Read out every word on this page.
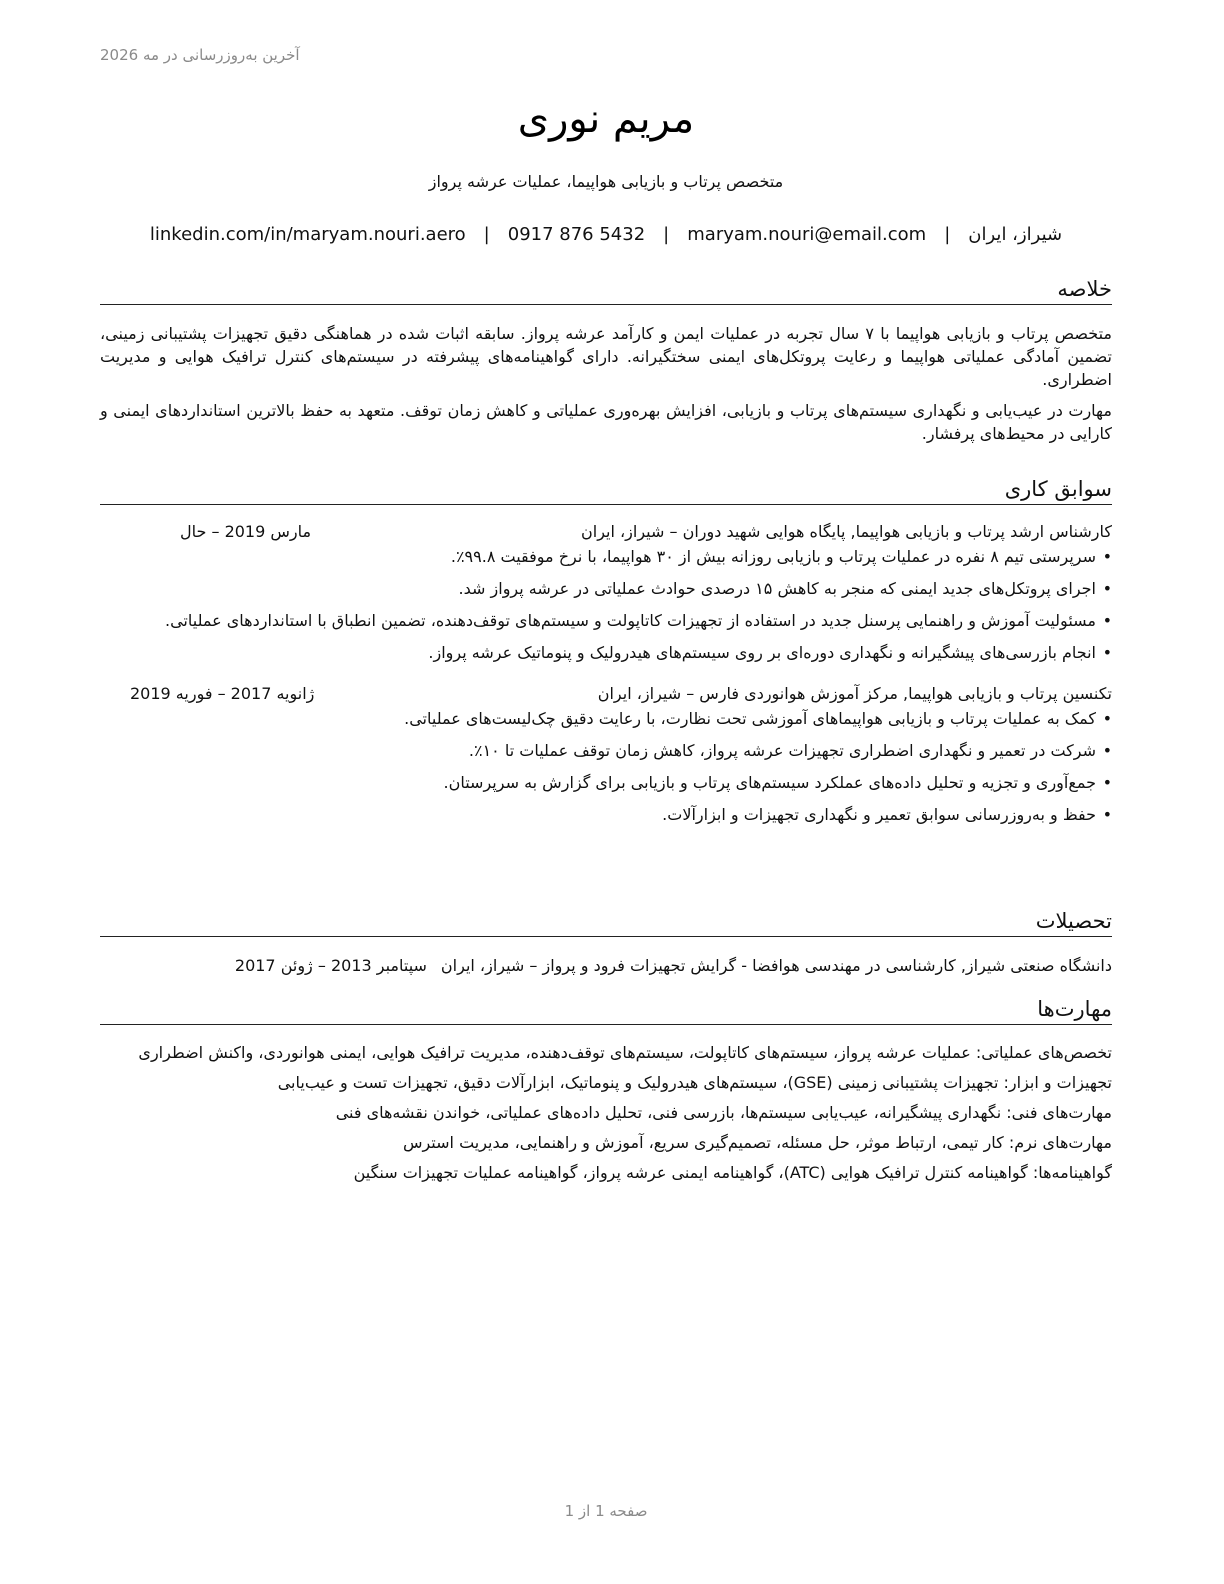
آخرین به‌روزرسانی در مه 2026
مریم نوری
متخصص پرتاب و بازیابی هواپیما، عملیات عرشه پرواز
شیراز، ایران
|
maryam.nouri@email.com
|
0917 876 5432
|
linkedin.com/in/maryam.nouri.aero
خلاصه

متخصص پرتاب و بازیابی هواپیما با ۷ سال تجربه در عملیات ایمن و کارآمد عرشه پرواز. سابقه اثبات شده در هماهنگی دقیق تجهیزات پشتیبانی زمینی، تضمین آمادگی عملیاتی هواپیما و رعایت پروتکل‌های ایمنی سختگیرانه. دارای گواهینامه‌های پیشرفته در سیستم‌های کنترل ترافیک هوایی و مدیریت اضطراری.

مهارت در عیب‌یابی و نگهداری سیستم‌های پرتاب و بازیابی، افزایش بهره‌وری عملیاتی و کاهش زمان توقف. متعهد به حفظ بالاترین استانداردهای ایمنی و کارایی در محیط‌های پرفشار.

سوابق کاری
کارشناس ارشد پرتاب و بازیابی هواپیما, پایگاه هوایی شهید دوران – شیراز، ایران
مارس 2019 – حال
• سرپرستی تیم ۸ نفره در عملیات پرتاب و بازیابی روزانه بیش از ۳۰ هواپیما، با نرخ موفقیت ۹۹.۸٪.
• اجرای پروتکل‌های جدید ایمنی که منجر به کاهش ۱۵ درصدی حوادث عملیاتی در عرشه پرواز شد.
• مسئولیت آموزش و راهنمایی پرسنل جدید در استفاده از تجهیزات کاتاپولت و سیستم‌های توقف‌دهنده، تضمین انطباق با استانداردهای عملیاتی.
• انجام بازرسی‌های پیشگیرانه و نگهداری دوره‌ای بر روی سیستم‌های هیدرولیک و پنوماتیک عرشه پرواز.
تکنسین پرتاب و بازیابی هواپیما, مرکز آموزش هوانوردی فارس – شیراز، ایران
ژانویه 2017 – فوریه 2019
• کمک به عملیات پرتاب و بازیابی هواپیماهای آموزشی تحت نظارت، با رعایت دقیق چک‌لیست‌های عملیاتی.
• شرکت در تعمیر و نگهداری اضطراری تجهیزات عرشه پرواز، کاهش زمان توقف عملیات تا ۱۰٪.
• جمع‌آوری و تجزیه و تحلیل داده‌های عملکرد سیستم‌های پرتاب و بازیابی برای گزارش به سرپرستان.
• حفظ و به‌روزرسانی سوابق تعمیر و نگهداری تجهیزات و ابزارآلات.
تحصیلات
دانشگاه صنعتی شیراز, کارشناسی در مهندسی هوافضا - گرایش تجهیزات فرود و پرواز – شیراز، ایران
سپتامبر 2013 – ژوئن 2017
مهارت‌ها

تخصص‌های عملیاتی: عملیات عرشه پرواز، سیستم‌های کاتاپولت، سیستم‌های توقف‌دهنده، مدیریت ترافیک هوایی، ایمنی هوانوردی، واکنش اضطراری

تجهیزات و ابزار: تجهیزات پشتیبانی زمینی (GSE)، سیستم‌های هیدرولیک و پنوماتیک، ابزارآلات دقیق، تجهیزات تست و عیب‌یابی

مهارت‌های فنی: نگهداری پیشگیرانه، عیب‌یابی سیستم‌ها، بازرسی فنی، تحلیل داده‌های عملیاتی، خواندن نقشه‌های فنی

مهارت‌های نرم: کار تیمی، ارتباط موثر، حل مسئله، تصمیم‌گیری سریع، آموزش و راهنمایی، مدیریت استرس

گواهینامه‌ها: گواهینامه کنترل ترافیک هوایی (ATC)، گواهینامه ایمنی عرشه پرواز، گواهینامه عملیات تجهیزات سنگین

صفحه 1 از 1
